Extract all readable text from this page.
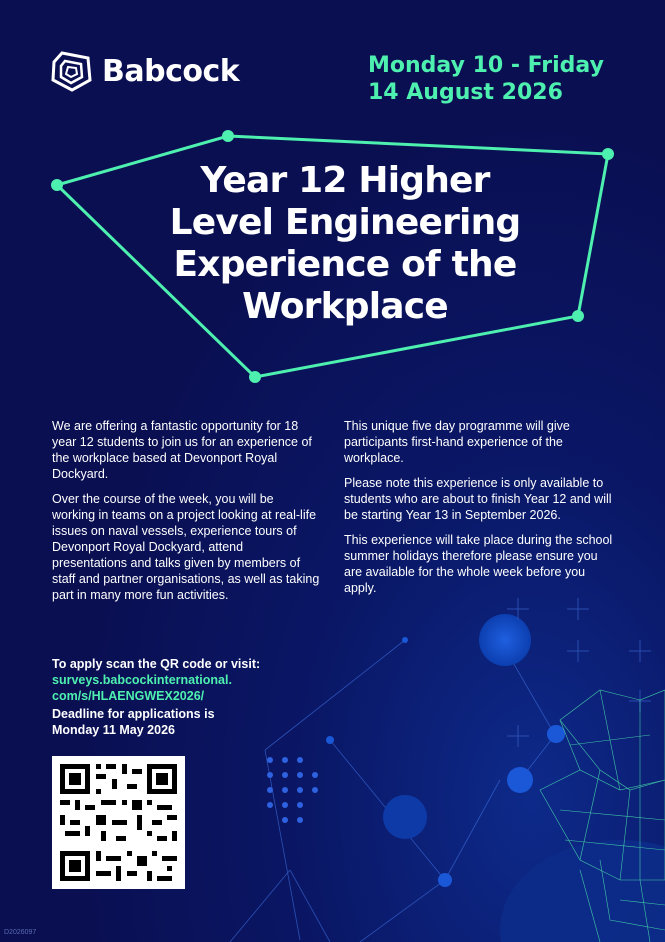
Babcock	Monday 10 - Friday
14 August 2026
Year 12 Higher
Level Engineering
Experience of the
Workplace

We are offering a fantastic opportunity for 18 year 12 students to join us for an experience of the workplace based at Devonport Royal Dockyard.

Over the course of the week, you will be working in teams on a project looking at real-life issues on naval vessels, experience tours of Devonport Royal Dockyard, attend presentations and talks given by members of staff and partner organisations, as well as taking part in many more fun activities.

This unique five day programme will give participants first-hand experience of the workplace.

Please note this experience is only available to students who are about to finish Year 12 and will be starting Year 13 in September 2026.

This experience will take place during the school summer holidays therefore please ensure you are available for the whole week before you apply.

To apply scan the QR code or visit:
surveys.babcockinternational.
com/s/HLAENGWEX2026/
Deadline for applications is
Monday 11 May 2026
D2026097
